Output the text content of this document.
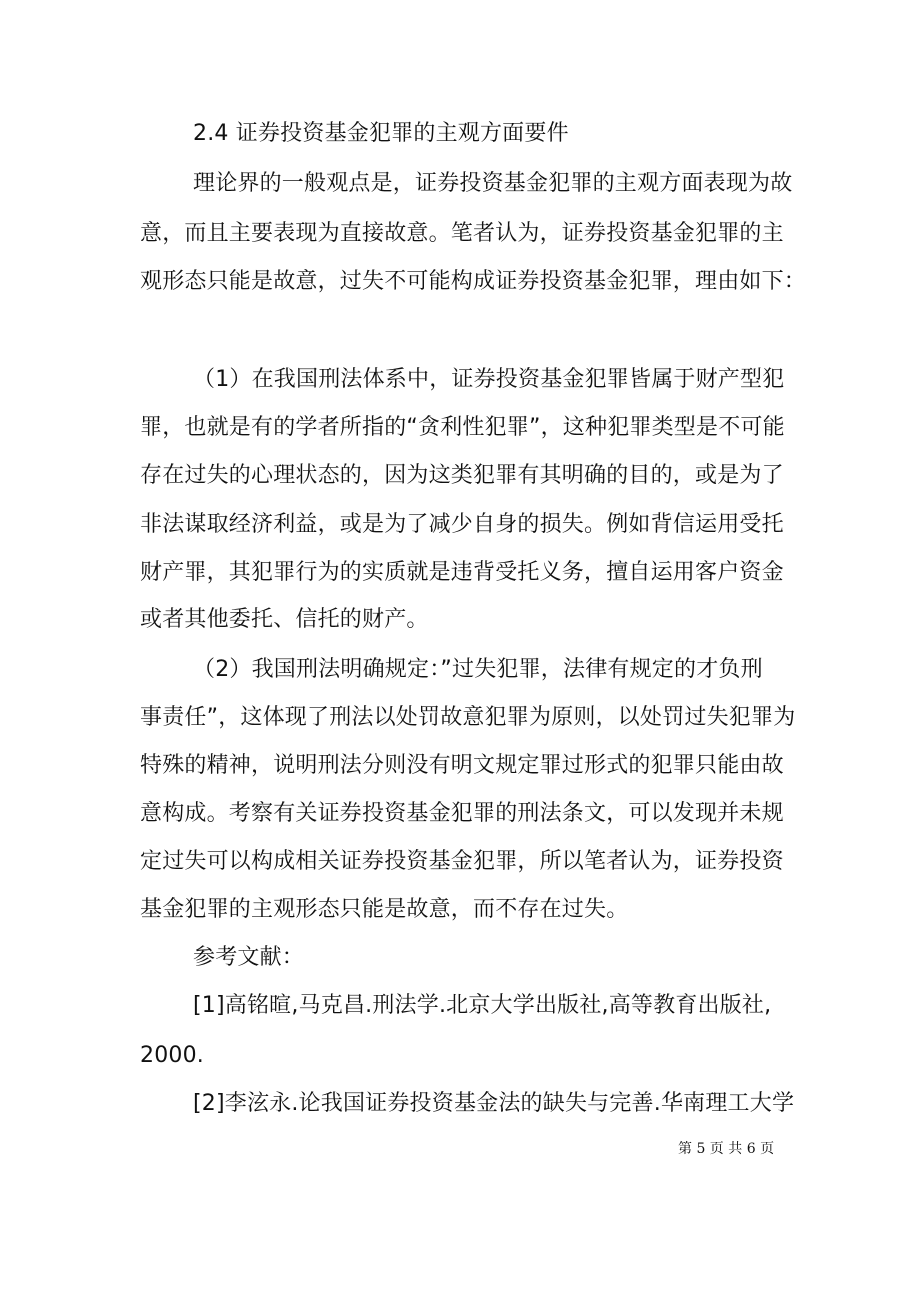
2.4 证券投资基金犯罪的主观方面要件
理论界的一般观点是，证券投资基金犯罪的主观方面表现为故
意，而且主要表现为直接故意。笔者认为，证券投资基金犯罪的主
观形态只能是故意，过失不可能构成证券投资基金犯罪，理由如下：
（1）在我国刑法体系中，证券投资基金犯罪皆属于财产型犯
罪，也就是有的学者所指的“贪利性犯罪”，这种犯罪类型是不可能
存在过失的心理状态的，因为这类犯罪有其明确的目的，或是为了
非法谋取经济利益，或是为了减少自身的损失。例如背信运用受托
财产罪，其犯罪行为的实质就是违背受托义务，擅自运用客户资金
或者其他委托、信托的财产。
（2）我国刑法明确规定：”过失犯罪，法律有规定的才负刑
事责任”，这体现了刑法以处罚故意犯罪为原则，以处罚过失犯罪为
特殊的精神，说明刑法分则没有明文规定罪过形式的犯罪只能由故
意构成。考察有关证券投资基金犯罪的刑法条文，可以发现并未规
定过失可以构成相关证券投资基金犯罪，所以笔者认为，证券投资
基金犯罪的主观形态只能是故意，而不存在过失。
参考文献：
[1]高铭暄,马克昌.刑法学.北京大学出版社,高等教育出版社,
2000.
[2]李泫永.论我国证券投资基金法的缺失与完善.华南理工大学
第 5 页 共 6 页
